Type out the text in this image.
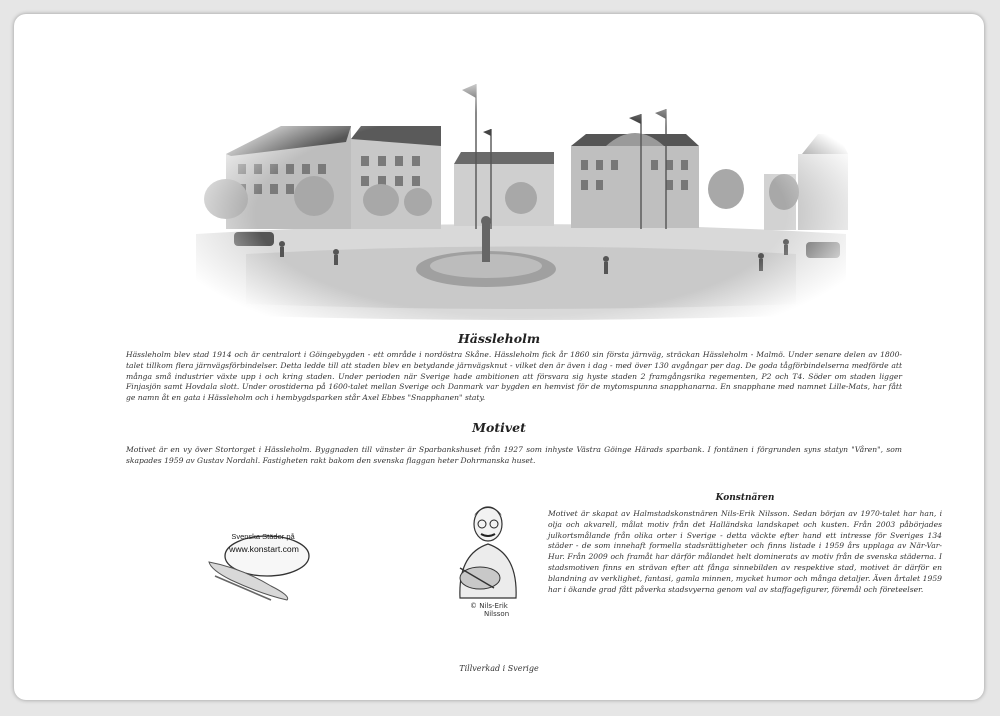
Hässleholm

Hässleholm blev stad 1914 och är centralort i Göingebygden - ett område i nordöstra Skåne. Hässleholm fick år 1860 sin första järnväg, sträckan Hässleholm - Malmö. Under senare delen av 1800-talet tillkom flera järnvägsförbindelser. Detta ledde till att staden blev en betydande järnvägsknut - vilket den är även i dag - med över 130 avgångar per dag. De goda tågförbindelserna medförde att många små industrier växte upp i och kring staden. Under perioden när Sverige hade ambitionen att försvara sig hyste staden 2 framgångsrika regementen, P2 och T4. Söder om staden ligger Finjasjön samt Hovdala slott. Under orostiderna på 1600-talet mellan Sverige och Danmark var bygden en hemvist för de mytomspunna snapphanarna. En snapphane med namnet Lille-Mats, har fått ge namn åt en gata i Hässleholm och i hembygdsparken står Axel Ebbes "Snapphanen" staty.

Motivet

Motivet är en vy över Stortorget i Hässleholm. Byggnaden till vänster är Sparbankshuset från 1927 som inhyste Västra Göinge Härads sparbank. I fontänen i förgrunden syns statyn "Våren", som skapades 1959 av Gustav Nordahl. Fastigheten rakt bakom den svenska flaggan heter Dohrmanska huset.

Svenska Städer på
www.konstart.com
© Nils-Erik
Nilsson
Konstnären

Motivet är skapat av Halmstadskonstnären Nils-Erik Nilsson. Sedan början av 1970-talet har han, i olja och akvarell, målat motiv från det Halländska landskapet och kusten. Från 2003 påbörjades julkortsmålande från olika orter i Sverige - detta väckte efter hand ett intresse för Sveriges 134 städer - de som innehaft formella stadsrättigheter och finns listade i 1959 års upplaga av När-Var-Hur. Från 2009 och framåt har därför målandet helt dominerats av motiv från de svenska städerna. I stadsmotiven finns en strävan efter att fånga sinnebilden av respektive stad, motivet är därför en blandning av verklighet, fantasi, gamla minnen, mycket humor och många detaljer. Även årtalet 1959 har i ökande grad fått påverka stadsvyerna genom val av staffagefigurer, föremål och företeelser.

Tillverkad i Sverige
